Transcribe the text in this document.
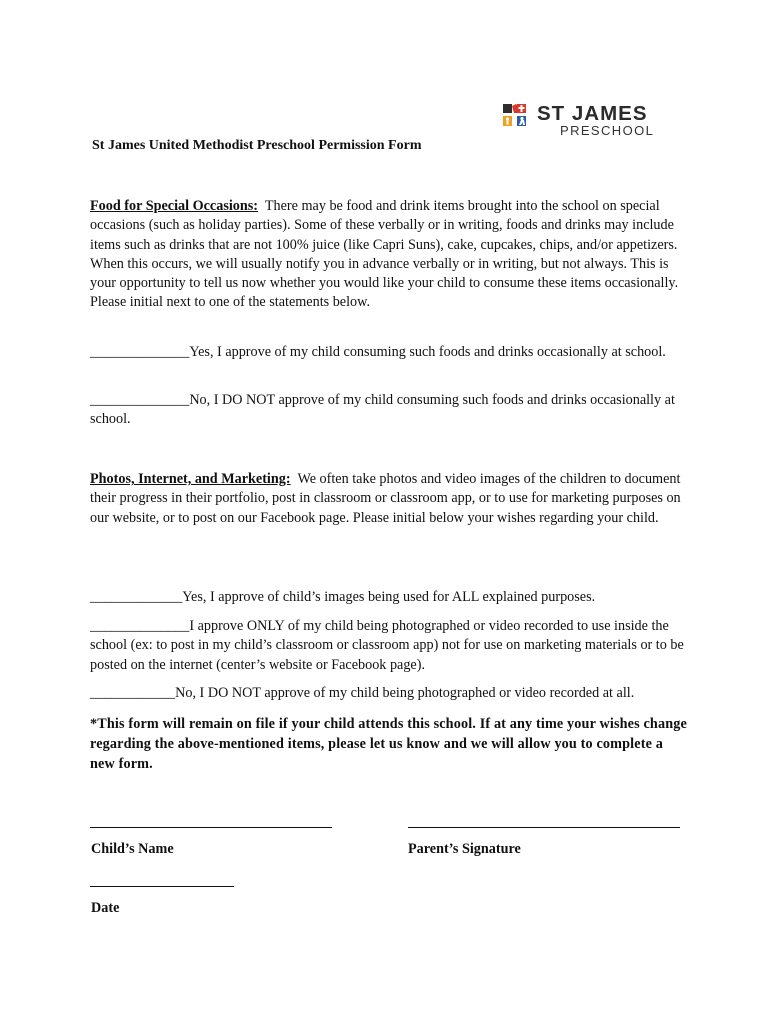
ST JAMES
PRESCHOOL
St James United Methodist Preschool Permission Form

Food for Special Occasions: There may be food and drink items brought into the school on special occasions (such as holiday parties). Some of these verbally or in writing, foods and drinks may include items such as drinks that are not 100% juice (like Capri Suns), cake, cupcakes, chips, and/or appetizers. When this occurs, we will usually notify you in advance verbally or in writing, but not always. This is your opportunity to tell us now whether you would like your child to consume these items occasionally. Please initial next to one of the statements below.

______________Yes, I approve of my child consuming such foods and drinks occasionally at school.

______________No, I DO NOT approve of my child consuming such foods and drinks occasionally at school.

Photos, Internet, and Marketing: We often take photos and video images of the children to document their progress in their portfolio, post in classroom or classroom app, or to use for marketing purposes on our website, or to post on our Facebook page. Please initial below your wishes regarding your child.

_____________Yes, I approve of child’s images being used for ALL explained purposes.

______________I approve ONLY of my child being photographed or video recorded to use inside the school (ex: to post in my child’s classroom or classroom app) not for use on marketing materials or to be posted on the internet (center’s website or Facebook page).

____________No, I DO NOT approve of my child being photographed or video recorded at all.

*This form will remain on file if your child attends this school. If at any time your wishes change regarding the above-mentioned items, please let us know and we will allow you to complete a new form.

Child’s Name	Parent’s Signature
Date
